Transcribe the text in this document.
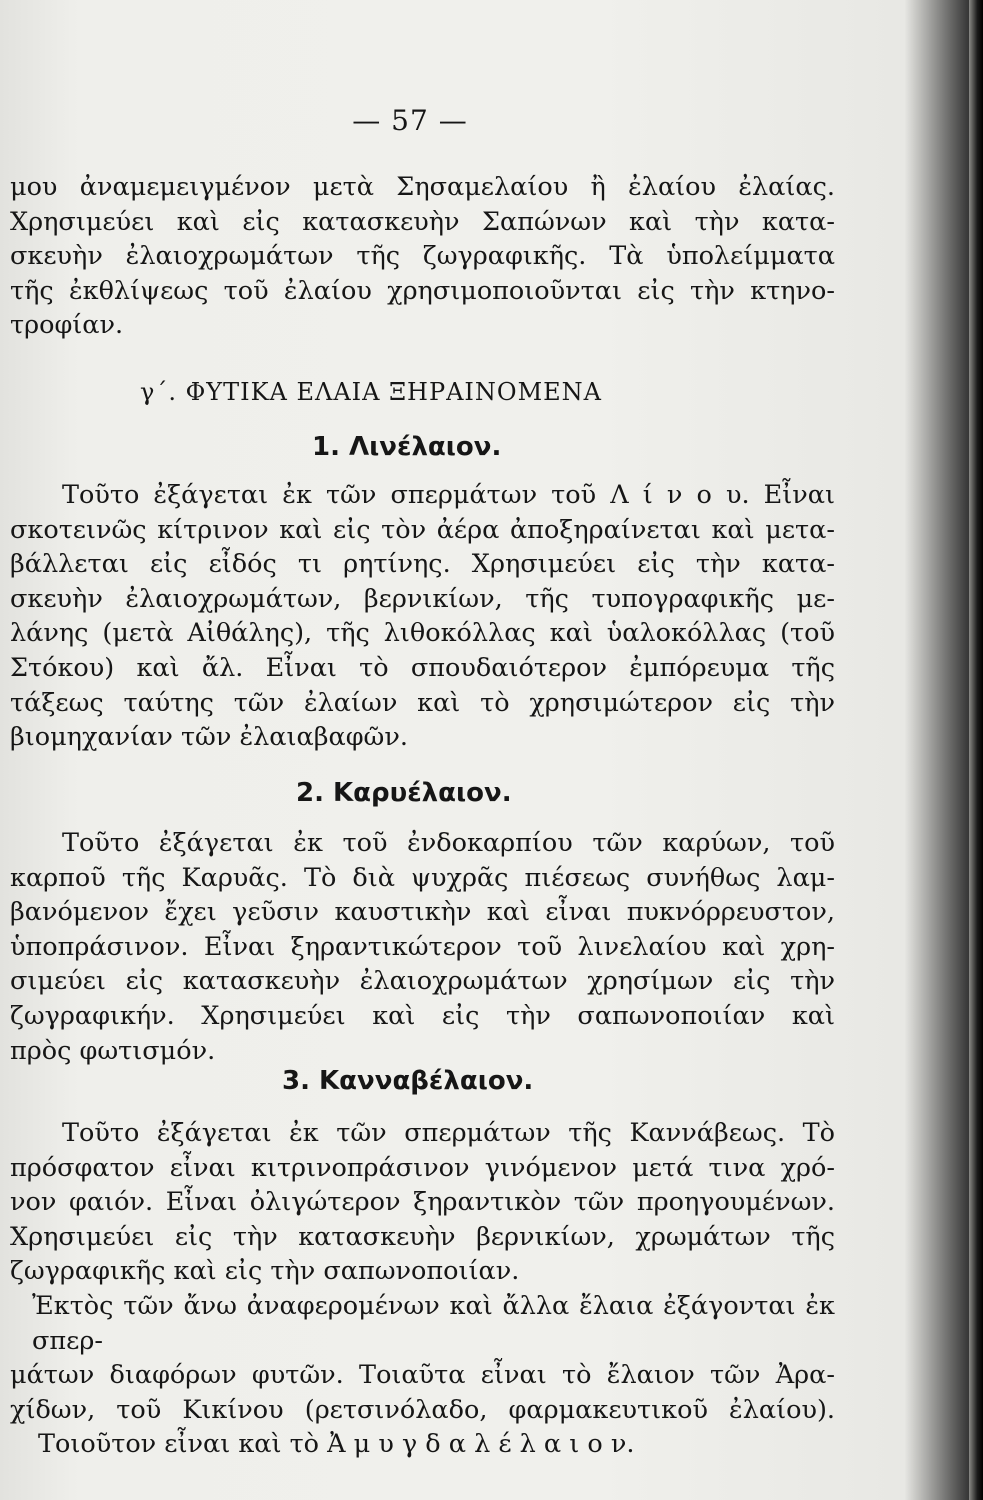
— 57 —
μου ἀναμεμειγμένον μετὰ Σησαμελαίου ἢ ἐλαίου ἐλαίας.
Χρησιμεύει καὶ εἰς κατασκευὴν Σαπώνων καὶ τὴν κατα-
σκευὴν ἐλαιοχρωμάτων τῆς ζωγραφικῆς. Τὰ ὑπολείμματα
τῆς ἐκθλίψεως τοῦ ἐλαίου χρησιμοποιοῦνται εἰς τὴν κτηνο-
τροφίαν.
γ΄. ΦΥΤΙΚΑ ΕΛΑΙΑ ΞΗΡΑΙΝΟΜΕΝΑ
1. Λινέλαιον.
Τοῦτο ἐξάγεται ἐκ τῶν σπερμάτων τοῦ Λ ί ν ο υ. Εἶναι
σκοτεινῶς κίτρινον καὶ εἰς τὸν ἀέρα ἀποξηραίνεται καὶ μετα-
βάλλεται εἰς εἶδός τι ρητίνης. Χρησιμεύει εἰς τὴν κατα-
σκευὴν ἐλαιοχρωμάτων, βερνικίων, τῆς τυπογραφικῆς με-
λάνης (μετὰ Αἰθάλης), τῆς λιθοκόλλας καὶ ὑαλοκόλλας (τοῦ
Στόκου) καὶ ἄλ. Εἶναι τὸ σπουδαιότερον ἐμπόρευμα τῆς
τάξεως ταύτης τῶν ἐλαίων καὶ τὸ χρησιμώτερον εἰς τὴν
βιομηχανίαν τῶν ἐλαιαβαφῶν.
2. Καρυέλαιον.
Τοῦτο ἐξάγεται ἐκ τοῦ ἐνδοκαρπίου τῶν καρύων, τοῦ
καρποῦ τῆς Καρυᾶς. Τὸ διὰ ψυχρᾶς πιέσεως συνήθως λαμ-
βανόμενον ἔχει γεῦσιν καυστικὴν καὶ εἶναι πυκνόρρευστον,
ὑποπράσινον. Εἶναι ξηραντικώτερον τοῦ λινελαίου καὶ χρη-
σιμεύει εἰς κατασκευὴν ἐλαιοχρωμάτων χρησίμων εἰς τὴν
ζωγραφικήν. Χρησιμεύει καὶ εἰς τὴν σαπωνοποιίαν καὶ
πρὸς φωτισμόν.
3. Κανναβέλαιον.
Τοῦτο ἐξάγεται ἐκ τῶν σπερμάτων τῆς Καννάβεως. Τὸ
πρόσφατον εἶναι κιτρινοπράσινον γινόμενον μετά τινα χρό-
νον φαιόν. Εἶναι ὀλιγώτερον ξηραντικὸν τῶν προηγουμένων.
Χρησιμεύει εἰς τὴν κατασκευὴν βερνικίων, χρωμάτων τῆς
ζωγραφικῆς καὶ εἰς τὴν σαπωνοποιίαν.
Ἐκτὸς τῶν ἄνω ἀναφερομένων καὶ ἄλλα ἔλαια ἐξάγονται ἐκ σπερ-
μάτων διαφόρων φυτῶν. Τοιαῦτα εἶναι τὸ ἔλαιον τῶν Ἀρα-
χίδων, τοῦ Κικίνου (ρετσινόλαδο, φαρμακευτικοῦ ἐλαίου).
Τοιοῦτον εἶναι καὶ τὸ Ἀ μ υ γ δ α λ έ λ α ι ο ν.
